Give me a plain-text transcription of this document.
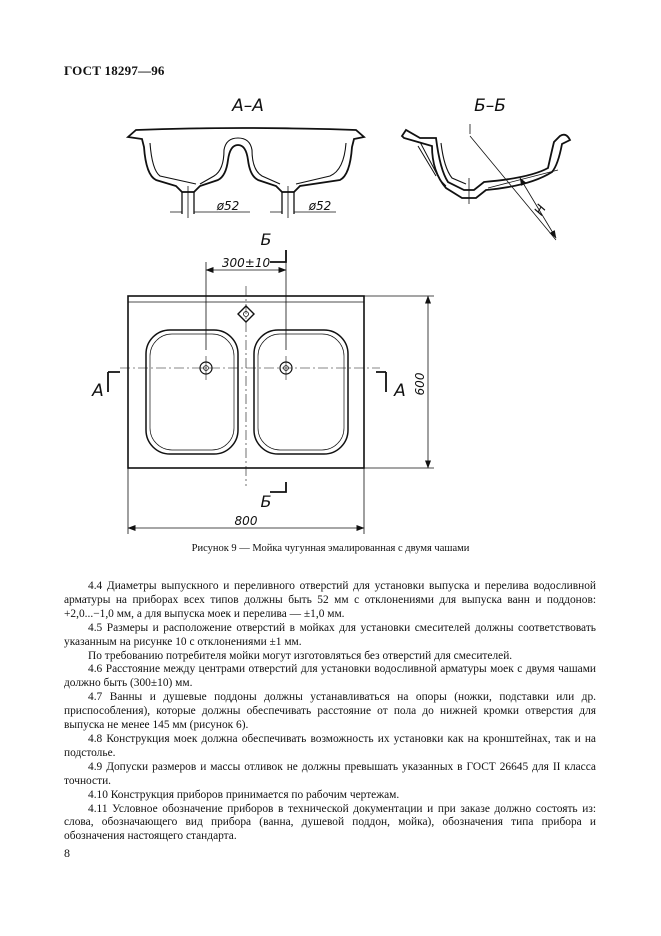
ГОСТ 18297—96
А–А
ø52	ø52
Б–Б
H
Б
300±10
А	А
Б
600
800
Рисунок 9 — Мойка чугунная эмалированная с двумя чашами

4.4 Диаметры выпускного и переливного отверстий для установки выпуска и перелива водосливной арматуры на приборах всех типов должны быть 52 мм с отклонениями для выпуска ванн и поддонов: +2,0...−1,0 мм, а для выпуска моек и перелива — ±1,0 мм.

4.5 Размеры и расположение отверстий в мойках для установки смесителей должны соответствовать указанным на рисунке 10 с отклонениями ±1 мм.

По требованию потребителя мойки могут изготовляться без отверстий для смесителей.

4.6 Расстояние между центрами отверстий для установки водосливной арматуры моек с двумя чашами должно быть (300±10) мм.

4.7 Ванны и душевые поддоны должны устанавливаться на опоры (ножки, подставки или др. приспособления), которые должны обеспечивать расстояние от пола до нижней кромки отверстия для выпуска не менее 145 мм (рисунок 6).

4.8 Конструкция моек должна обеспечивать возможность их установки как на кронштейнах, так и на подстолье.

4.9 Допуски размеров и массы отливок не должны превышать указанных в ГОСТ 26645 для II класса точности.

4.10 Конструкция приборов принимается по рабочим чертежам.

4.11 Условное обозначение приборов в технической документации и при заказе должно состоять из: слова, обозначающего вид прибора (ванна, душевой поддон, мойка), обозначения типа прибора и обозначения настоящего стандарта.

8
